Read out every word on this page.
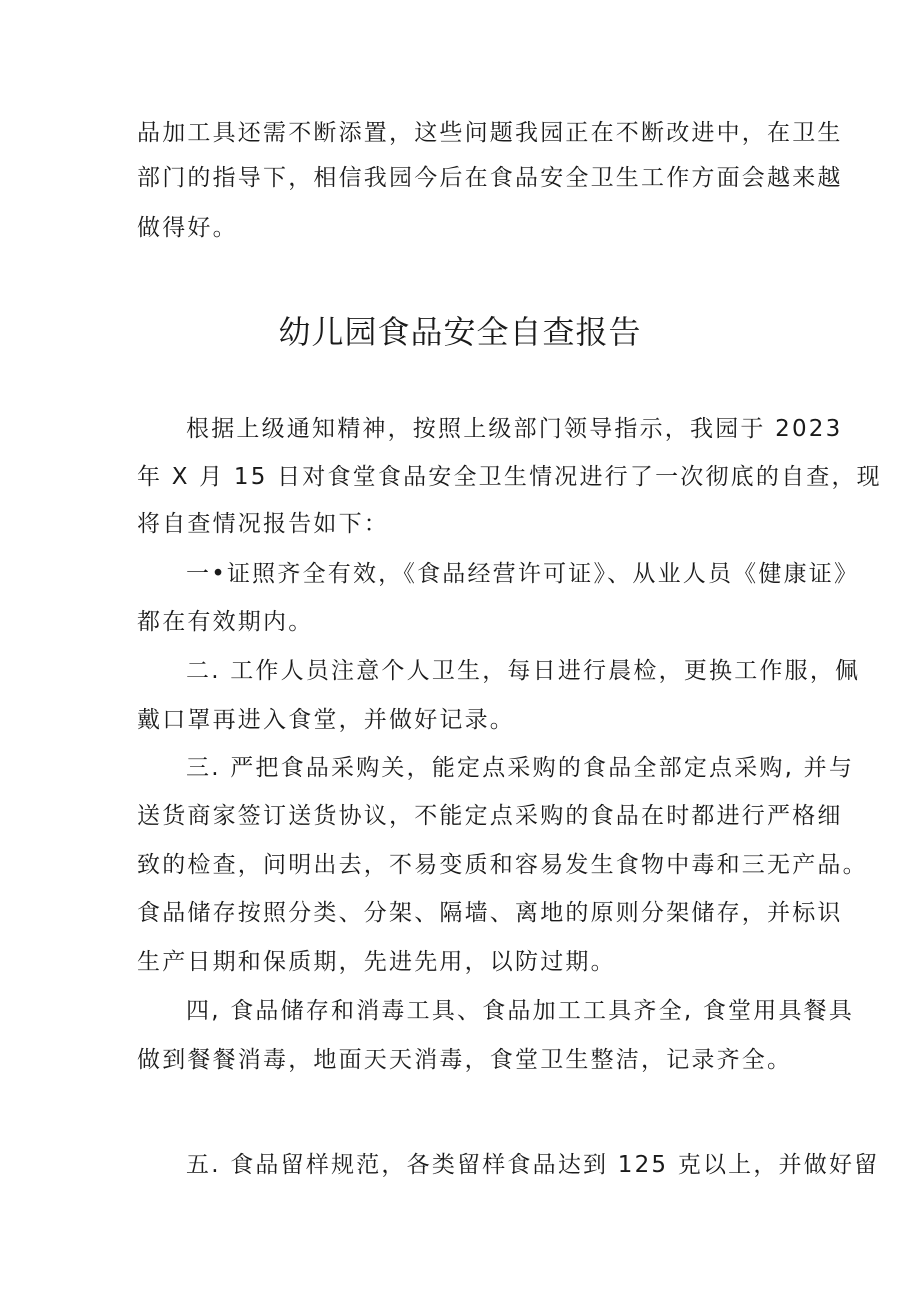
品加工具还需不断添置，这些问题我园正在不断改进中，在卫生
部门的指导下，相信我园今后在食品安全卫生工作方面会越来越
做得好。
幼儿园食品安全自查报告
根据上级通知精神，按照上级部门领导指示，我园于 2023
年 X 月 15 日对食堂食品安全卫生情况进行了一次彻底的自查，现
将自查情况报告如下：
一•证照齐全有效，《食品经营许可证》、从业人员《健康证》
都在有效期内。
二. 工作人员注意个人卫生，每日进行晨检，更换工作服，佩
戴口罩再进入食堂，并做好记录。
三. 严把食品采购关，能定点采购的食品全部定点采购, 并与
送货商家签订送货协议，不能定点采购的食品在时都进行严格细
致的检查，问明出去，不易变质和容易发生食物中毒和三无产品。
食品储存按照分类、分架、隔墙、离地的原则分架储存，并标识
生产日期和保质期，先进先用，以防过期。
四, 食品储存和消毒工具、食品加工工具齐全, 食堂用具餐具
做到餐餐消毒，地面天天消毒，食堂卫生整洁，记录齐全。
五. 食品留样规范，各类留样食品达到 125 克以上，并做好留
